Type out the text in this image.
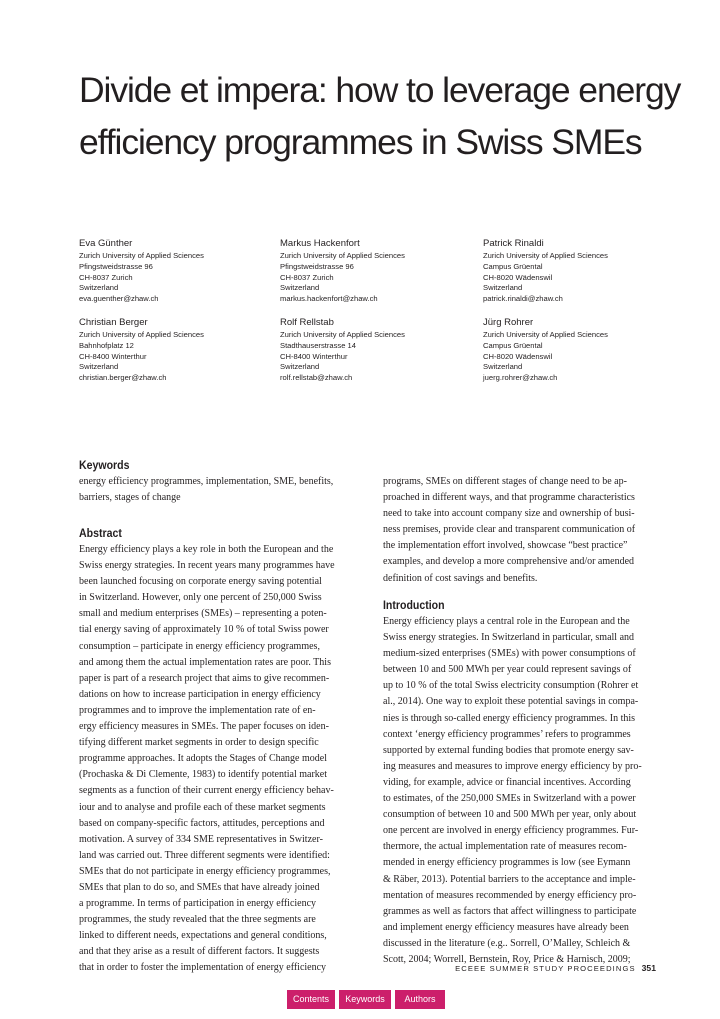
Divide et impera: how to leverage energy
efficiency programmes in Swiss SMEs
Eva Günther
Zurich University of Applied Sciences
Pfingstweidstrasse 96
CH-8037 Zurich
Switzerland
eva.guenther@zhaw.ch
Markus Hackenfort
Zurich University of Applied Sciences
Pfingstweidstrasse 96
CH-8037 Zurich
Switzerland
markus.hackenfort@zhaw.ch
Patrick Rinaldi
Zurich University of Applied Sciences
Campus Grüental
CH-8020 Wädenswil
Switzerland
patrick.rinaldi@zhaw.ch
Christian Berger
Zurich University of Applied Sciences
Bahnhofplatz 12
CH-8400 Winterthur
Switzerland
christian.berger@zhaw.ch
Rolf Rellstab
Zurich University of Applied Sciences
Stadthauserstrasse 14
CH-8400 Winterthur
Switzerland
rolf.rellstab@zhaw.ch
Jürg Rohrer
Zurich University of Applied Sciences
Campus Grüental
CH-8020 Wädenswil
Switzerland
juerg.rohrer@zhaw.ch
Keywords
energy efficiency programmes, implementation, SME, benefits,
barriers, stages of change
Abstract
Energy efficiency plays a key role in both the European and the
Swiss energy strategies. In recent years many programmes have
been launched focusing on corporate energy saving potential
in Switzerland. However, only one percent of 250,000 Swiss
small and medium enterprises (SMEs) – representing a poten-
tial energy saving of approximately 10 % of total Swiss power
consumption – participate in energy efficiency programmes,
and among them the actual implementation rates are poor. This
paper is part of a research project that aims to give recommen-
dations on how to increase participation in energy efficiency
programmes and to improve the implementation rate of en-
ergy efficiency measures in SMEs. The paper focuses on iden-
tifying different market segments in order to design specific
programme approaches. It adopts the Stages of Change model
(Prochaska & Di Clemente, 1983) to identify potential market
segments as a function of their current energy efficiency behav-
iour and to analyse and profile each of these market segments
based on company-specific factors, attitudes, perceptions and
motivation. A survey of 334 SME representatives in Switzer-
land was carried out. Three different segments were identified:
SMEs that do not participate in energy efficiency programmes,
SMEs that plan to do so, and SMEs that have already joined
a programme. In terms of participation in energy efficiency
programmes, the study revealed that the three segments are
linked to different needs, expectations and general conditions,
and that they arise as a result of different factors. It suggests
that in order to foster the implementation of energy efficiency
programs, SMEs on different stages of change need to be ap-
proached in different ways, and that programme characteristics
need to take into account company size and ownership of busi-
ness premises, provide clear and transparent communication of
the implementation effort involved, showcase “best practice”
examples, and develop a more comprehensive and/or amended
definition of cost savings and benefits.
Introduction
Energy efficiency plays a central role in the European and the
Swiss energy strategies. In Switzerland in particular, small and
medium-sized enterprises (SMEs) with power consumptions of
between 10 and 500 MWh per year could represent savings of
up to 10 % of the total Swiss electricity consumption (Rohrer et
al., 2014). One way to exploit these potential savings in compa-
nies is through so-called energy efficiency programmes. In this
context ‘energy efficiency programmes’ refers to programmes
supported by external funding bodies that promote energy sav-
ing measures and measures to improve energy efficiency by pro-
viding, for example, advice or financial incentives. According
to estimates, of the 250,000 SMEs in Switzerland with a power
consumption of between 10 and 500 MWh per year, only about
one percent are involved in energy efficiency programmes. Fur-
thermore, the actual implementation rate of measures recom-
mended in energy efficiency programmes is low (see Eymann
& Räber, 2013). Potential barriers to the acceptance and imple-
mentation of measures recommended by energy efficiency pro-
grammes as well as factors that affect willingness to participate
and implement energy efficiency measures have already been
discussed in the literature (e.g.. Sorrell, O’Malley, Schleich &
Scott, 2004; Worrell, Bernstein, Roy, Price & Harnisch, 2009;
ECEEE SUMMER STUDY PROCEEDINGS 351
Contents	Keywords	Authors
